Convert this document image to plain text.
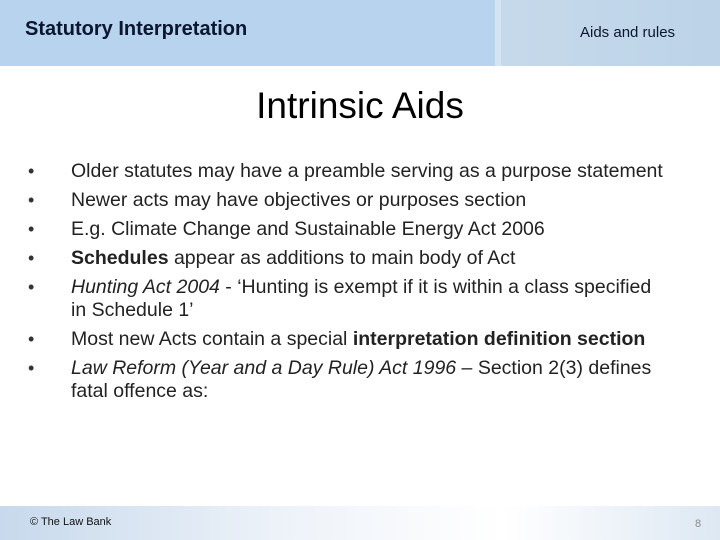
Statutory Interpretation	Aids and rules
Intrinsic Aids
• Older statutes may have a preamble serving as a purpose statement
• Newer acts may have objectives or purposes section
• E.g. Climate Change and Sustainable Energy Act 2006
• Schedules appear as additions to main body of Act
• Hunting Act 2004 - ‘Hunting is exempt if it is within a class specified in Schedule 1’
• Most new Acts contain a special interpretation definition section
• Law Reform (Year and a Day Rule) Act 1996 – Section 2(3) defines fatal offence as:
© The Law Bank	8
